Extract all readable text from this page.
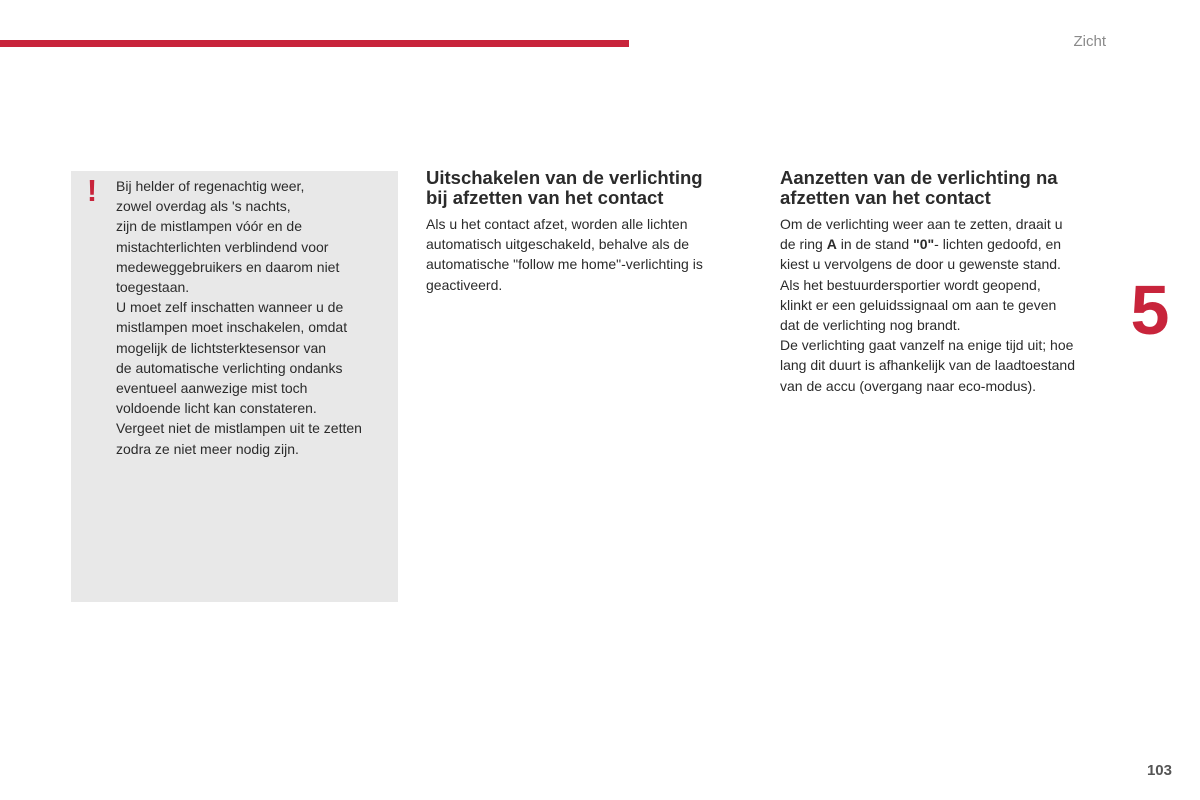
Zicht
! Bij helder of regenachtig weer,

zowel overdag als 's nachts,

zijn de mistlampen vóór en de

mistachterlichten verblindend voor

medeweggebruikers en daarom niet

toegestaan.

U moet zelf inschatten wanneer u de

mistlampen moet inschakelen, omdat

mogelijk de lichtsterktesensor van

de automatische verlichting ondanks

eventueel aanwezige mist toch

voldoende licht kan constateren.

Vergeet niet de mistlampen uit te zetten

zodra ze niet meer nodig zijn.

Uitschakelen van de verlichting
bij afzetten van het contact
Als u het contact afzet, worden alle lichten
automatisch uitgeschakeld, behalve als de
automatische "follow me home"-verlichting is
geactiveerd.
Aanzetten van de verlichting na
afzetten van het contact
Om de verlichting weer aan te zetten, draait u
de ring A in de stand "0"- lichten gedoofd, en
kiest u vervolgens de door u gewenste stand.
Als het bestuurdersportier wordt geopend,
klinkt er een geluidssignaal om aan te geven
dat de verlichting nog brandt.
De verlichting gaat vanzelf na enige tijd uit; hoe
lang dit duurt is afhankelijk van de laadtoestand
van de accu (overgang naar eco-modus).
5
103
